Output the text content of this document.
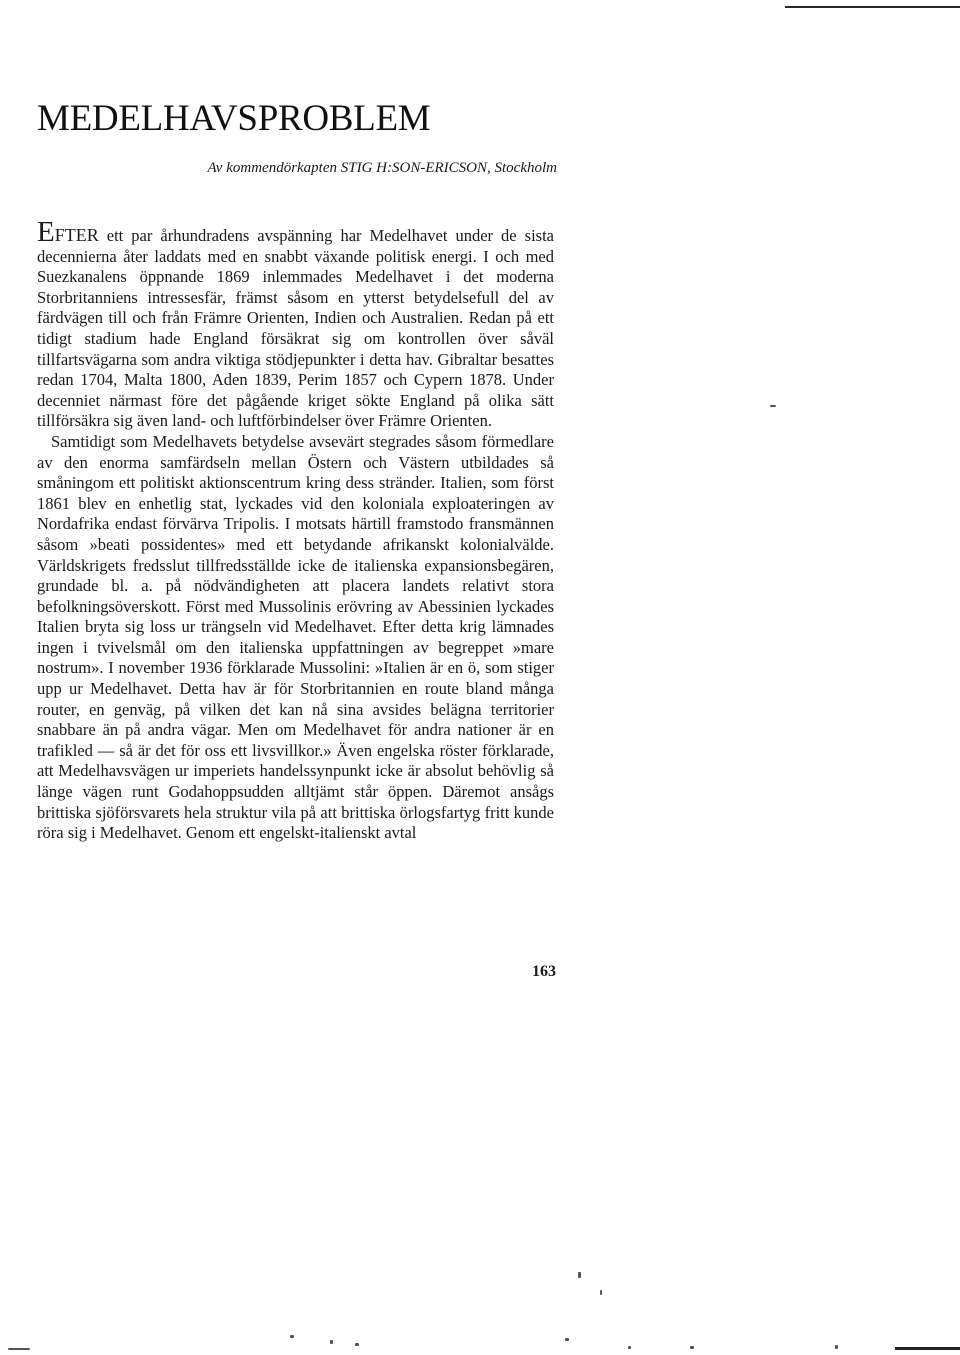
MEDELHAVSPROBLEM

Av kommendörkapten STIG H:SON-ERICSON, Stockholm

EFTER ett par århundradens avspänning har Medelhavet under de sista decennierna åter laddats med en snabbt växande politisk energi. I och med Suezkanalens öppnande 1869 inlemmades Medelhavet i det moderna Storbritanniens intressesfär, främst såsom en ytterst betydelsefull del av färdvägen till och från Främre Orienten, Indien och Australien. Redan på ett tidigt stadium hade England försäkrat sig om kontrollen över såväl tillfartsvägarna som andra viktiga stödjepunkter i detta hav. Gibraltar besattes redan 1704, Malta 1800, Aden 1839, Perim 1857 och Cypern 1878. Under decenniet närmast före det pågående kriget sökte England på olika sätt tillförsäkra sig även land- och luftförbindelser över Främre Orienten.

Samtidigt som Medelhavets betydelse avsevärt stegrades såsom förmedlare av den enorma samfärdseln mellan Östern och Västern utbildades så småningom ett politiskt aktionscentrum kring dess stränder. Italien, som först 1861 blev en enhetlig stat, lyckades vid den koloniala exploateringen av Nordafrika endast förvärva Tripolis. I motsats härtill framstodo fransmännen såsom »beati possidentes» med ett betydande afrikanskt kolonialvälde. Världskrigets fredsslut tillfredsställde icke de italienska expansionsbegären, grundade bl. a. på nödvändigheten att placera landets relativt stora befolkningsöverskott. Först med Mussolinis erövring av Abessinien lyckades Italien bryta sig loss ur trängseln vid Medelhavet. Efter detta krig lämnades ingen i tvivelsmål om den italienska uppfattningen av begreppet »mare nostrum». I november 1936 förklarade Mussolini: »Italien är en ö, som stiger upp ur Medelhavet. Detta hav är för Storbritannien en route bland många router, en genväg, på vilken det kan nå sina avsides belägna territorier snabbare än på andra vägar. Men om Medelhavet för andra nationer är en trafikled — så är det för oss ett livsvillkor.» Även engelska röster förklarade, att Medelhavsvägen ur imperiets handelssynpunkt icke är absolut behövlig så länge vägen runt Godahoppsudden alltjämt står öppen. Däremot ansågs brittiska sjöförsvarets hela struktur vila på att brittiska örlogsfartyg fritt kunde röra sig i Medelhavet. Genom ett engelskt-italienskt avtal

163
